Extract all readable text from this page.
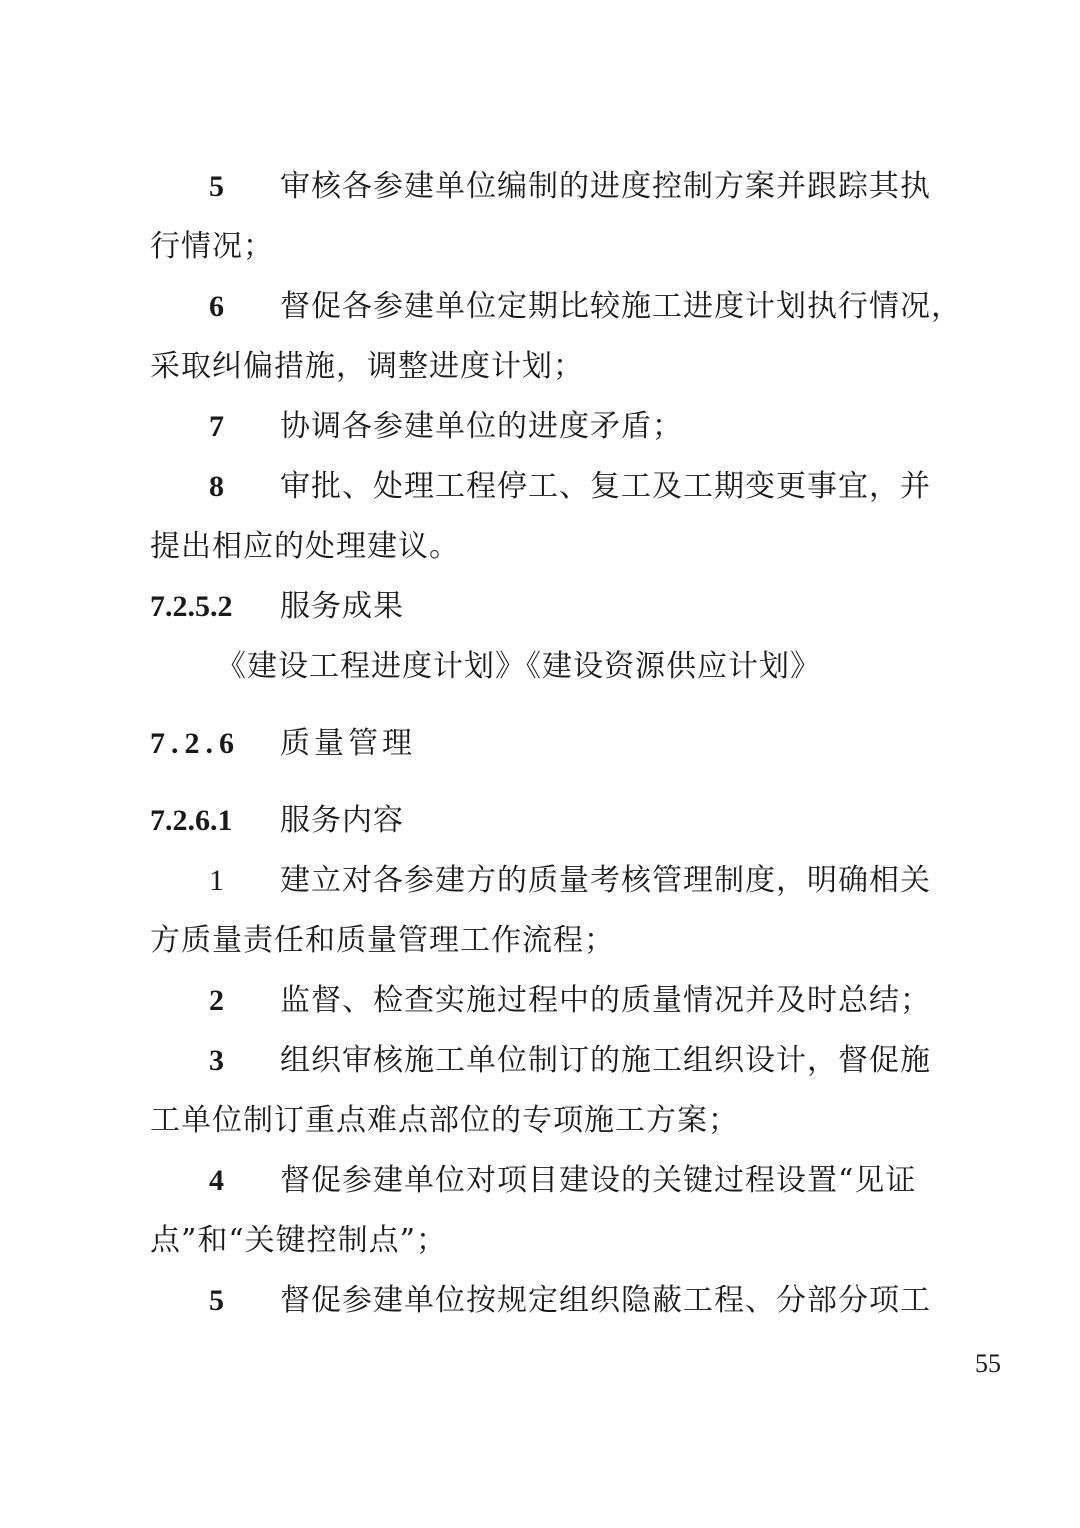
5 审核各参建单位编制的进度控制方案并跟踪其执
行情况；
6 督促各参建单位定期比较施工进度计划执行情况，
采取纠偏措施，调整进度计划；
7 协调各参建单位的进度矛盾；
8 审批、处理工程停工、复工及工期变更事宜，并
提出相应的处理建议。
7.2.5.2 服务成果
《建设工程进度计划》《建设资源供应计划》
7.2.6 质量管理
7.2.6.1 服务内容
1 建立对各参建方的质量考核管理制度，明确相关
方质量责任和质量管理工作流程；
2 监督、检查实施过程中的质量情况并及时总结；
3 组织审核施工单位制订的施工组织设计，督促施
工单位制订重点难点部位的专项施工方案；
4 督促参建单位对项目建设的关键过程设置“见证
点”和“关键控制点”；
5 督促参建单位按规定组织隐蔽工程、分部分项工
55
